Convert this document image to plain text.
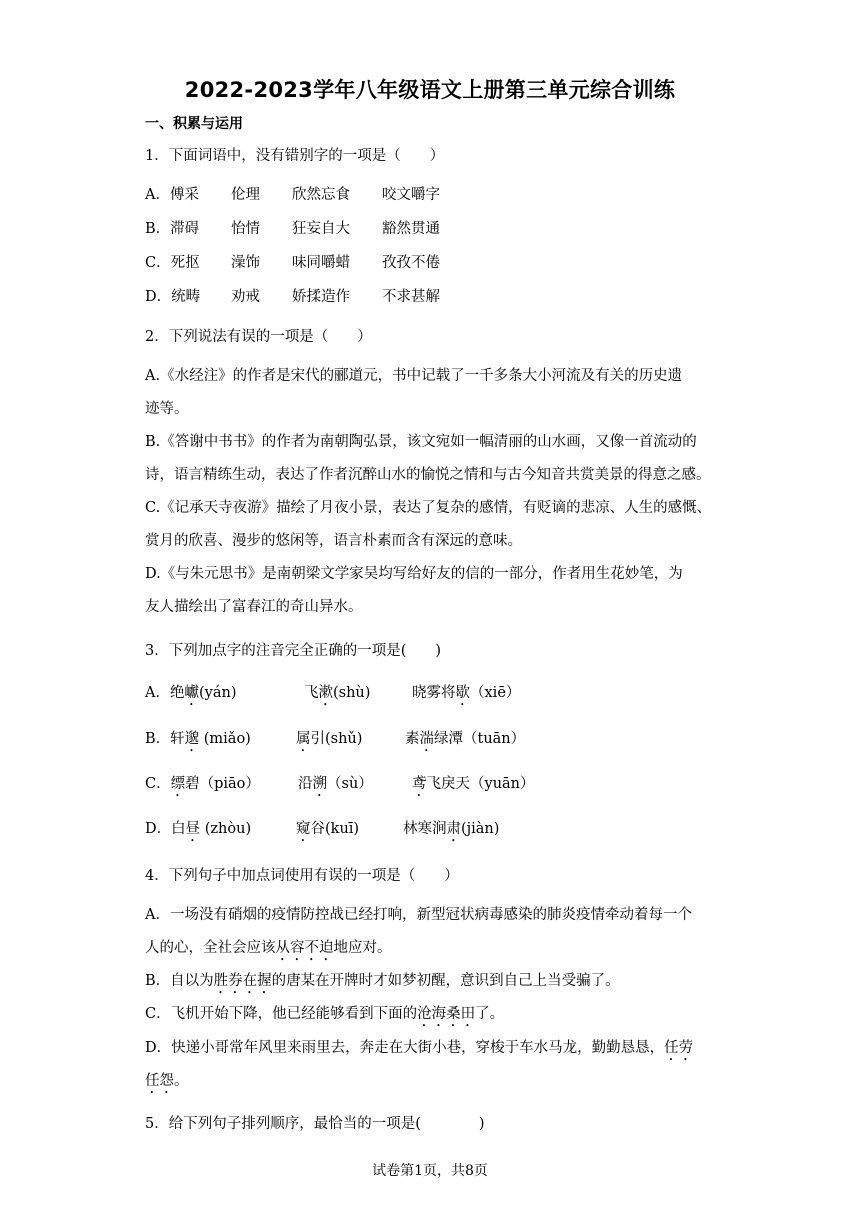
2022-2023学年八年级语文上册第三单元综合训练
一、积累与运用
1．下面词语中，没有错别字的一项是（　　）
A．傅采 伦理 欣然忘食 咬文嚼字
B．滞碍 怡情 狂妄自大 豁然贯通
C．死抠 澡饰 味同嚼蜡 孜孜不倦
D．统畴 劝戒 娇揉造作 不求甚解
2．下列说法有误的一项是（　　）
A.《水经注》的作者是宋代的郦道元，书中记载了一千多条大小河流及有关的历史遗
迹等。
B.《答谢中书书》的作者为南朝陶弘景，该文宛如一幅清丽的山水画，又像一首流动的
诗，语言精练生动，表达了作者沉醉山水的愉悦之情和与古今知音共赏美景的得意之感。
C.《记承天寺夜游》描绘了月夜小景，表达了复杂的感情，有贬谪的悲凉、人生的感慨、
赏月的欣喜、漫步的悠闲等，语言朴素而含有深远的意味。
D.《与朱元思书》是南朝梁文学家吴均写给好友的信的一部分，作者用生花妙笔，为
友人描绘出了富春江的奇山异水。
3．下列加点字的注音完全正确的一项是(　　)
A．绝巘(yán)	飞漱(shù)	晓雾将歇（xiē）
B．轩邈 (miǎo)	属引(shǔ)	素湍绿潭（tuān）
C．缥碧（piāo）	沿溯（sù）	鸢飞戾天（yuān）
D．白昼 (zhòu)	窥谷(kuī)	林寒涧肃(jiàn)
4．下列句子中加点词使用有误的一项是（　　）
A．一场没有硝烟的疫情防控战已经打响，新型冠状病毒感染的肺炎疫情牵动着每一个
人的心，全社会应该从容不迫地应对。
B．自以为胜券在握的唐某在开牌时才如梦初醒，意识到自己上当受骗了。
C．飞机开始下降，他已经能够看到下面的沧海桑田了。
D．快递小哥常年风里来雨里去，奔走在大街小巷，穿梭于车水马龙，勤勤恳恳，任劳
任怨。
5．给下列句子排列顺序，最恰当的一项是(　　　　)
试卷第1页，共8页
